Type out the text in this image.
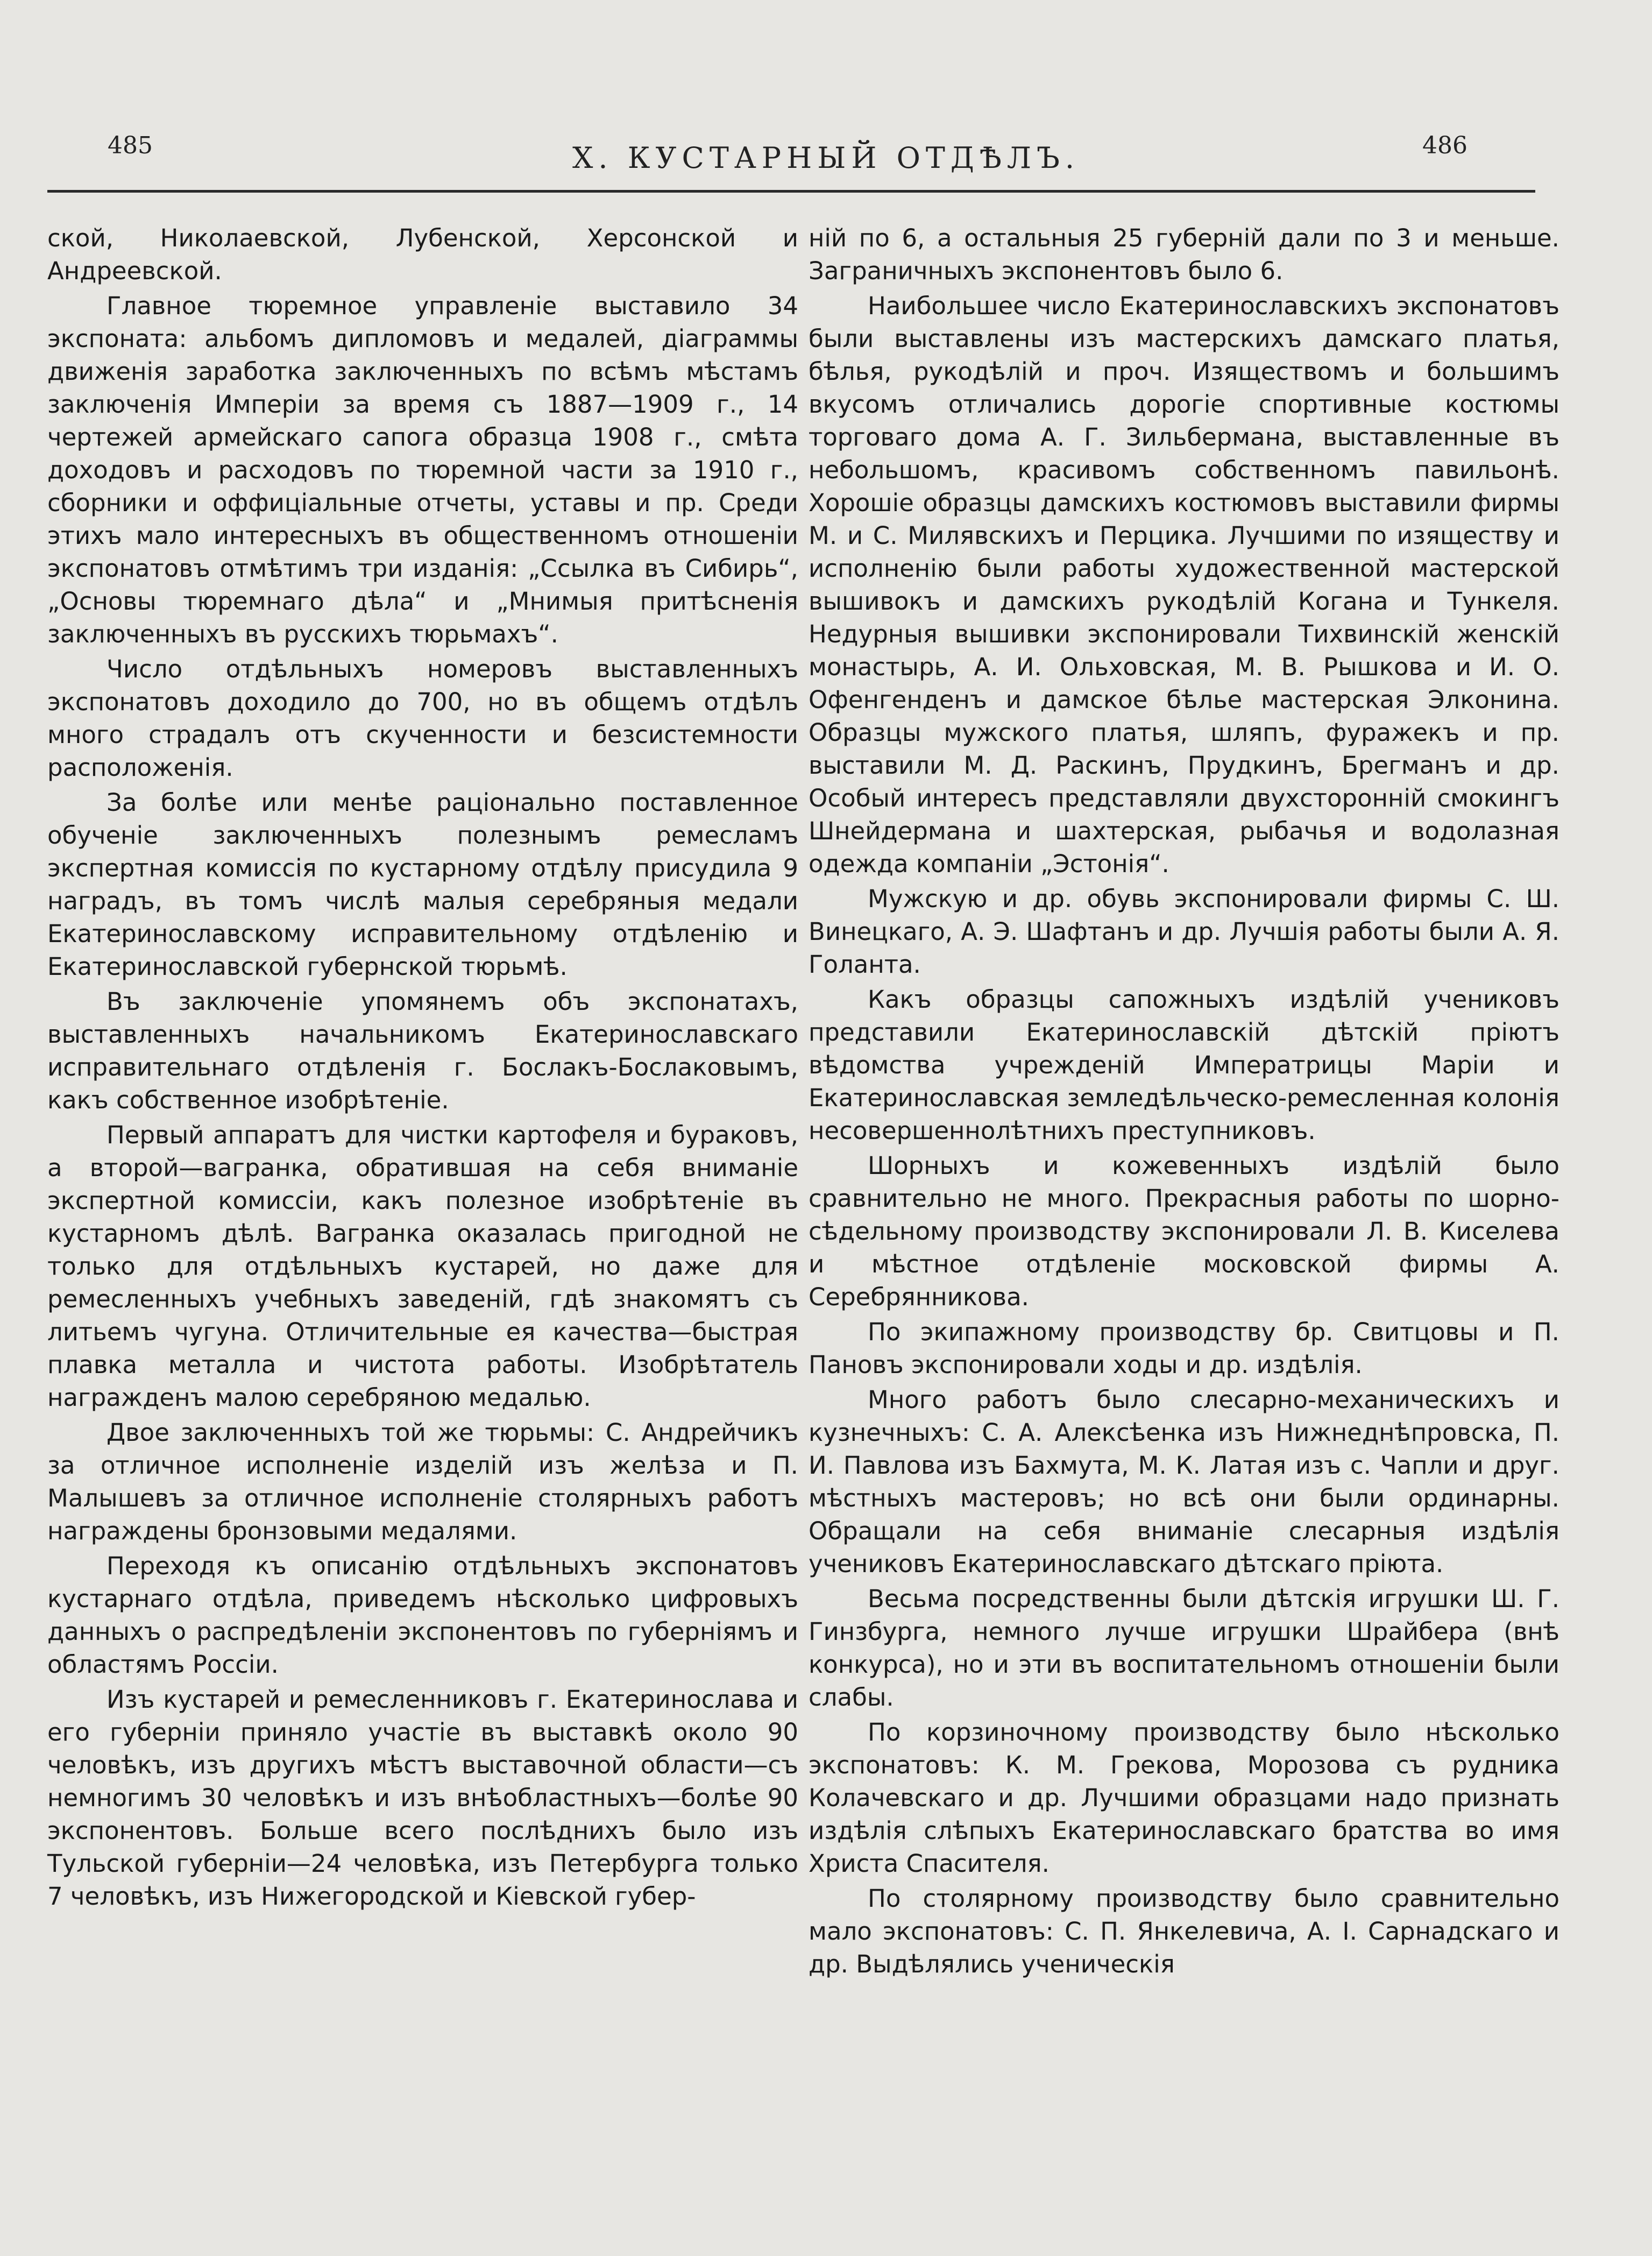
485	X. КУСТАРНЫЙ ОТДѢЛЪ.	486

ской, Николаевской, Лубенской, Херсонской и Андреевской.

Главное тюремное управленіе выставило 34 экспоната: альбомъ дипломовъ и медалей, діаграммы движенія заработка заключенныхъ по всѣмъ мѣстамъ заключенія Имперіи за время съ 1887—1909 г., 14 чертежей армейскаго сапога образца 1908 г., смѣта доходовъ и расходовъ по тюремной части за 1910 г., сборники и оффиціальные отчеты, уставы и пр. Среди этихъ мало интересныхъ въ общественномъ отношеніи экспонатовъ отмѣтимъ три изданія: „Ссылка въ Сибирь“, „Основы тюремнаго дѣла“ и „Мнимыя притѣсненія заключенныхъ въ русскихъ тюрьмахъ“.

Число отдѣльныхъ номеровъ выставленныхъ экспонатовъ доходило до 700, но въ общемъ отдѣлъ много страдалъ отъ скученности и безсистемности расположенія.

За болѣе или менѣе раціонально поставленное обученіе заключенныхъ полезнымъ ремесламъ экспертная комиссія по кустарному отдѣлу присудила 9 наградъ, въ томъ числѣ малыя серебряныя медали Екатеринославскому исправительному отдѣленію и Екатеринославской губернской тюрьмѣ.

Въ заключеніе упомянемъ объ экспонатахъ, выставленныхъ начальникомъ Екатеринославскаго исправительнаго отдѣленія г. Бослакъ-Бослаковымъ, какъ собственное изобрѣтеніе.

Первый аппаратъ для чистки картофеля и бураковъ, а второй—вагранка, обратившая на себя вниманіе экспертной комиссіи, какъ полезное изобрѣтеніе въ кустарномъ дѣлѣ. Вагранка оказалась пригодной не только для отдѣльныхъ кустарей, но даже для ремесленныхъ учебныхъ заведеній, гдѣ знакомятъ съ литьемъ чугуна. Отличительные ея качества—быстрая плавка металла и чистота работы. Изобрѣтатель награжденъ малою серебряною медалью.

Двое заключенныхъ той же тюрьмы: С. Андрейчикъ за отличное исполненіе изделій изъ желѣза и П. Малышевъ за отличное исполненіе столярныхъ работъ награждены бронзовыми медалями.

Переходя къ описанію отдѣльныхъ экспонатовъ кустарнаго отдѣла, приведемъ нѣсколько цифровыхъ данныхъ о распредѣленіи экспонентовъ по губерніямъ и областямъ Россіи.

Изъ кустарей и ремесленниковъ г. Екатеринослава и его губерніи приняло участіе въ выставкѣ около 90 человѣкъ, изъ другихъ мѣстъ выставочной области—съ немногимъ 30 человѣкъ и изъ внѣобластныхъ—болѣе 90 экспонентовъ. Больше всего послѣднихъ было изъ Тульской губерніи—24 человѣка, изъ Петербурга только 7 человѣкъ, изъ Нижегородской и Кіевской губер-

ній по 6, а остальныя 25 губерній дали по 3 и меньше. Заграничныхъ экспонентовъ было 6.

Наибольшее число Екатеринославскихъ экспонатовъ были выставлены изъ мастерскихъ дамскаго платья, бѣлья, рукодѣлій и проч. Изяществомъ и большимъ вкусомъ отличались дорогіе спортивные костюмы торговаго дома А. Г. Зильбермана, выставленные въ небольшомъ, красивомъ собственномъ павильонѣ. Хорошіе образцы дамскихъ костюмовъ выставили фирмы М. и С. Милявскихъ и Перцика. Лучшими по изяществу и исполненію были работы художественной мастерской вышивокъ и дамскихъ рукодѣлій Когана и Тункеля. Недурныя вышивки экспонировали Тихвинскій женскій монастырь, А. И. Ольховская, М. В. Рышкова и И. О. Офенгенденъ и дамское бѣлье мастерская Элконина. Образцы мужского платья, шляпъ, фуражекъ и пр. выставили М. Д. Раскинъ, Прудкинъ, Брегманъ и др. Особый интересъ представляли двухсторонній смокингъ Шнейдермана и шахтерская, рыбачья и водолазная одежда компаніи „Эстонія“.

Мужскую и др. обувь экспонировали фирмы С. Ш. Винецкаго, А. Э. Шафтанъ и др. Лучшія работы были А. Я. Голанта.

Какъ образцы сапожныхъ издѣлій учениковъ представили Екатеринославскій дѣтскій пріютъ вѣдомства учрежденій Императрицы Маріи и Екатеринославская земледѣльческо-ремесленная колонія несовершеннолѣтнихъ преступниковъ.

Шорныхъ и кожевенныхъ издѣлій было сравнительно не много. Прекрасныя работы по шорно-сѣдельному производству экспонировали Л. В. Киселева и мѣстное отдѣленіе московской фирмы А. Серебрянникова.

По экипажному производству бр. Свитцовы и П. Пановъ экспонировали ходы и др. издѣлія.

Много работъ было слесарно-механическихъ и кузнечныхъ: С. А. Алексѣенка изъ Нижнеднѣпровска, П. И. Павлова изъ Бахмута, М. К. Латая изъ с. Чапли и друг. мѣстныхъ мастеровъ; но всѣ они были ординарны. Обращали на себя вниманіе слесарныя издѣлія учениковъ Екатеринославскаго дѣтскаго пріюта.

Весьма посредственны были дѣтскія игрушки Ш. Г. Гинзбурга, немного лучше игрушки Шрайбера (внѣ конкурса), но и эти въ воспитательномъ отношеніи были слабы.

По корзиночному производству было нѣсколько экспонатовъ: К. М. Грекова, Морозова съ рудника Колачевскаго и др. Лучшими образцами надо признать издѣлія слѣпыхъ Екатеринославскаго братства во имя Христа Спасителя.

По столярному производству было сравнительно мало экспонатовъ: С. П. Янкелевича, А. І. Сарнадскаго и др. Выдѣлялись ученическія
